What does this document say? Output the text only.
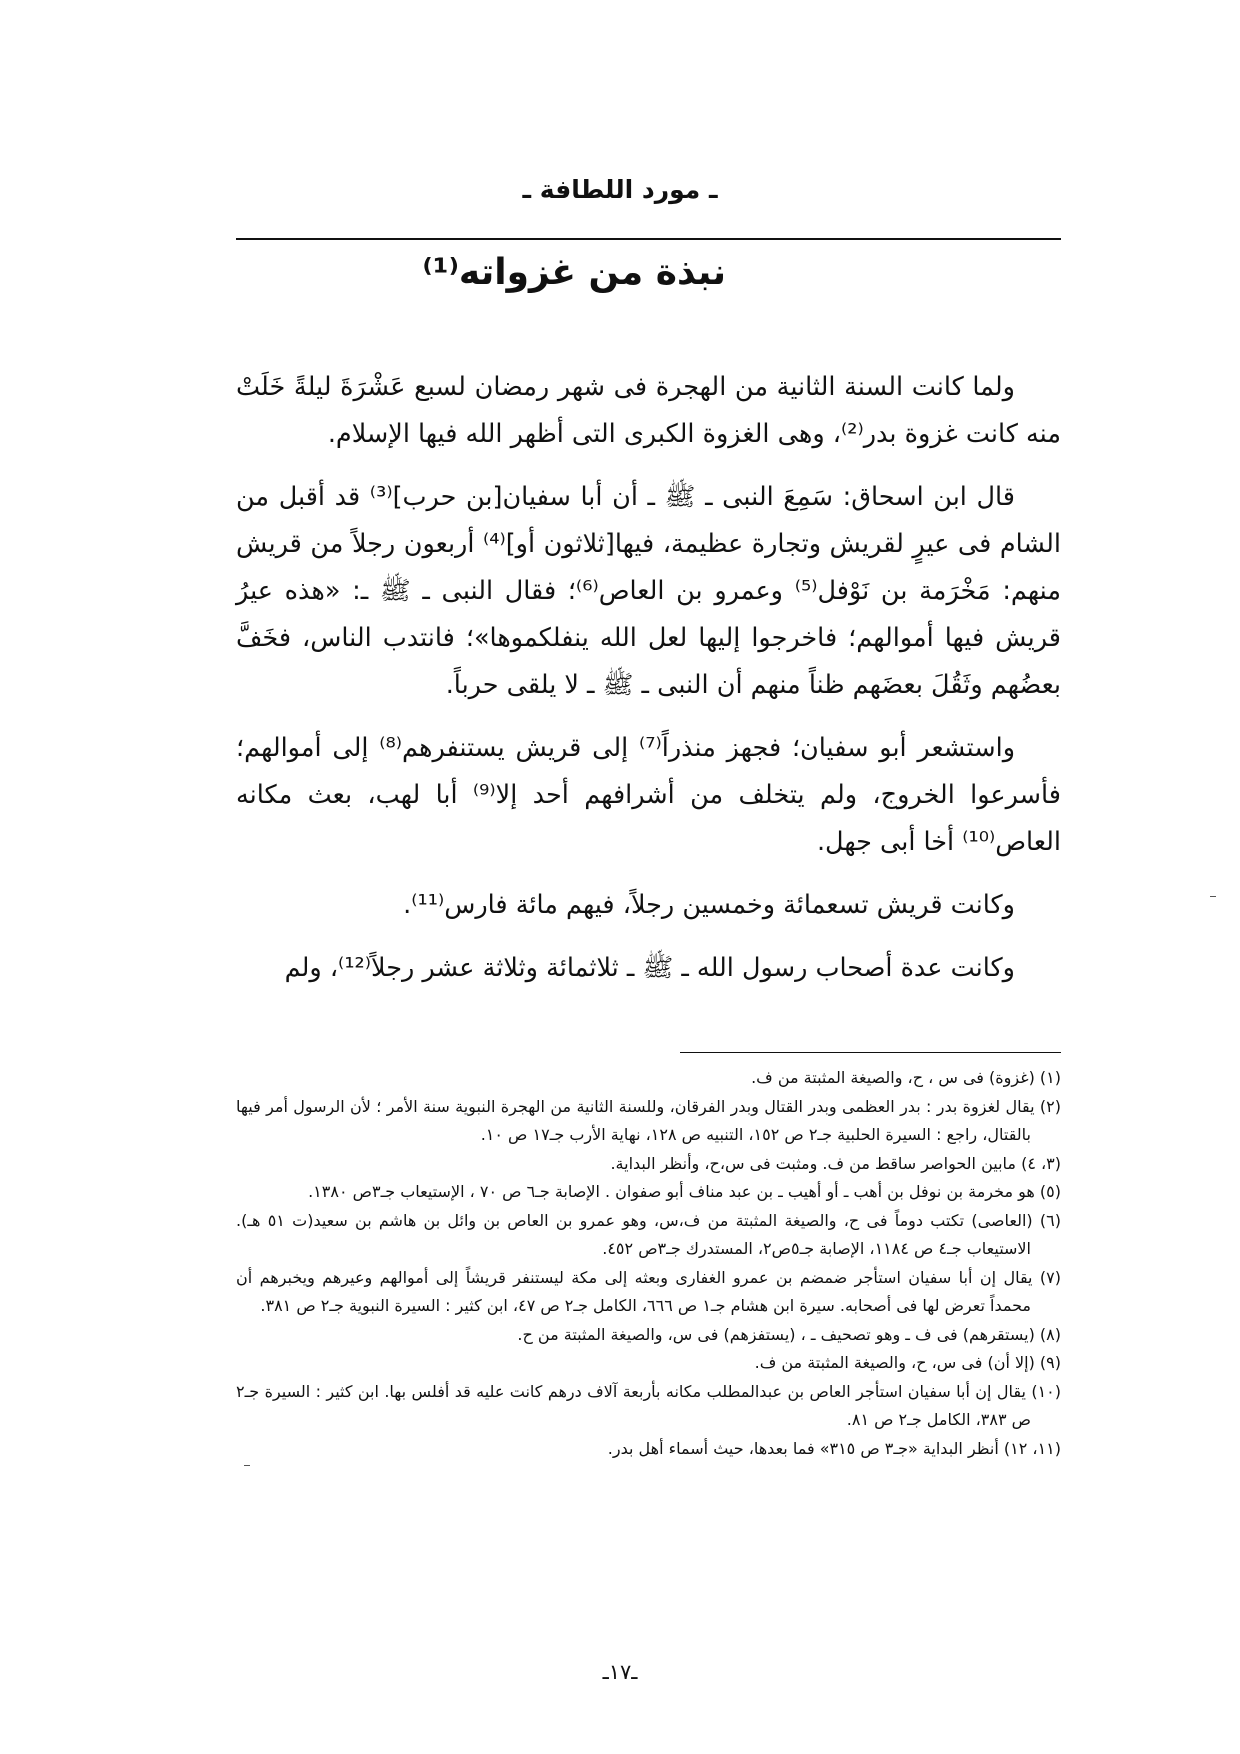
ـ مورد اللطافة ـ
نبذة من غزواته⁽¹⁾

ولما كانت السنة الثانية من الهجرة فى شهر رمضان لسبع عَشْرَةَ ليلةً خَلَتْ منه كانت غزوة بدر⁽²⁾، وهى الغزوة الكبرى التى أظهر الله فيها الإسلام.

قال ابن اسحاق: سَمِعَ النبى ـ ﷺ ـ أن أبا سفيان[بن حرب]⁽³⁾ قد أقبل من الشام فى عيرٍ لقريش وتجارة عظيمة، فيها[ثلاثون أو]⁽⁴⁾ أربعون رجلاً من قريش منهم: مَخْرَمة بن نَوْفل⁽⁵⁾ وعمرو بن العاص⁽⁶⁾؛ فقال النبى ـ ﷺ ـ: «هذه عيرُ قريش فيها أموالهم؛ فاخرجوا إليها لعل الله ينفلكموها»؛ فانتدب الناس، فخَفَّ بعضُهم وثَقُلَ بعضَهم ظناً منهم أن النبى ـ ﷺ ـ لا يلقى حرباً.

واستشعر أبو سفيان؛ فجهز منذراً⁽⁷⁾ إلى قريش يستنفرهم⁽⁸⁾ إلى أموالهم؛ فأسرعوا الخروج، ولم يتخلف من أشرافهم أحد إلا⁽⁹⁾ أبا لهب، بعث مكانه العاص⁽¹⁰⁾ أخا أبى جهل.

وكانت قريش تسعمائة وخمسين رجلاً، فيهم مائة فارس⁽¹¹⁾.

وكانت عدة أصحاب رسول الله ـ ﷺ ـ ثلاثمائة وثلاثة عشر رجلاً⁽¹²⁾، ولم

(١) (غزوة) فى س ، ح، والصيغة المثبتة من ف.
(٢) يقال لغزوة بدر : بدر العظمى وبدر القتال وبدر الفرقان، وللسنة الثانية من الهجرة النبوية سنة الأمر ؛ لأن الرسول أمر فيها بالقتال، راجع : السيرة الحلبية جـ٢ ص ١٥٢، التنبيه ص ١٢٨، نهاية الأرب جـ١٧ ص ١٠.
(٣، ٤) مابين الحواصر ساقط من ف. ومثبت فى س،ح، وأنظر البداية.
(٥) هو مخرمة بن نوفل بن أهب ـ أو أهيب ـ بن عبد مناف أبو صفوان . الإصابة جـ٦ ص ٧٠ ، الإستيعاب جـ٣ص ١٣٨٠.
(٦) (العاصى) تكتب دوماً فى ح، والصيغة المثبتة من ف،س، وهو عمرو بن العاص بن وائل بن هاشم بن سعيد(ت ٥١ هـ). الاستيعاب جـ٤ ص ١١٨٤، الإصابة جـ٥ص٢، المستدرك جـ٣ص ٤٥٢.
(٧) يقال إن أبا سفيان استأجر ضمضم بن عمرو الغفارى وبعثه إلى مكة ليستنفر قريشاً إلى أموالهم وعيرهم ويخبرهم أن محمداً تعرض لها فى أصحابه. سيرة ابن هشام جـ١ ص ٦٦٦، الكامل جـ٢ ص ٤٧، ابن كثير : السيرة النبوية جـ٢ ص ٣٨١.
(٨) (يستقرهم) فى ف ـ وهو تصحيف ـ ، (يستفزهم) فى س، والصيغة المثبتة من ح.
(٩) (إلا أن) فى س، ح، والصيغة المثبتة من ف.
(١٠) يقال إن أبا سفيان استأجر العاص بن عبدالمطلب مكانه بأربعة آلاف درهم كانت عليه قد أفلس بها. ابن كثير : السيرة جـ٢ ص ٣٨٣، الكامل جـ٢ ص ٨١.
(١١، ١٢) أنظر البداية «جـ٣ ص ٣١٥» فما بعدها، حيث أسماء أهل بدر.
ـ١٧ـ
